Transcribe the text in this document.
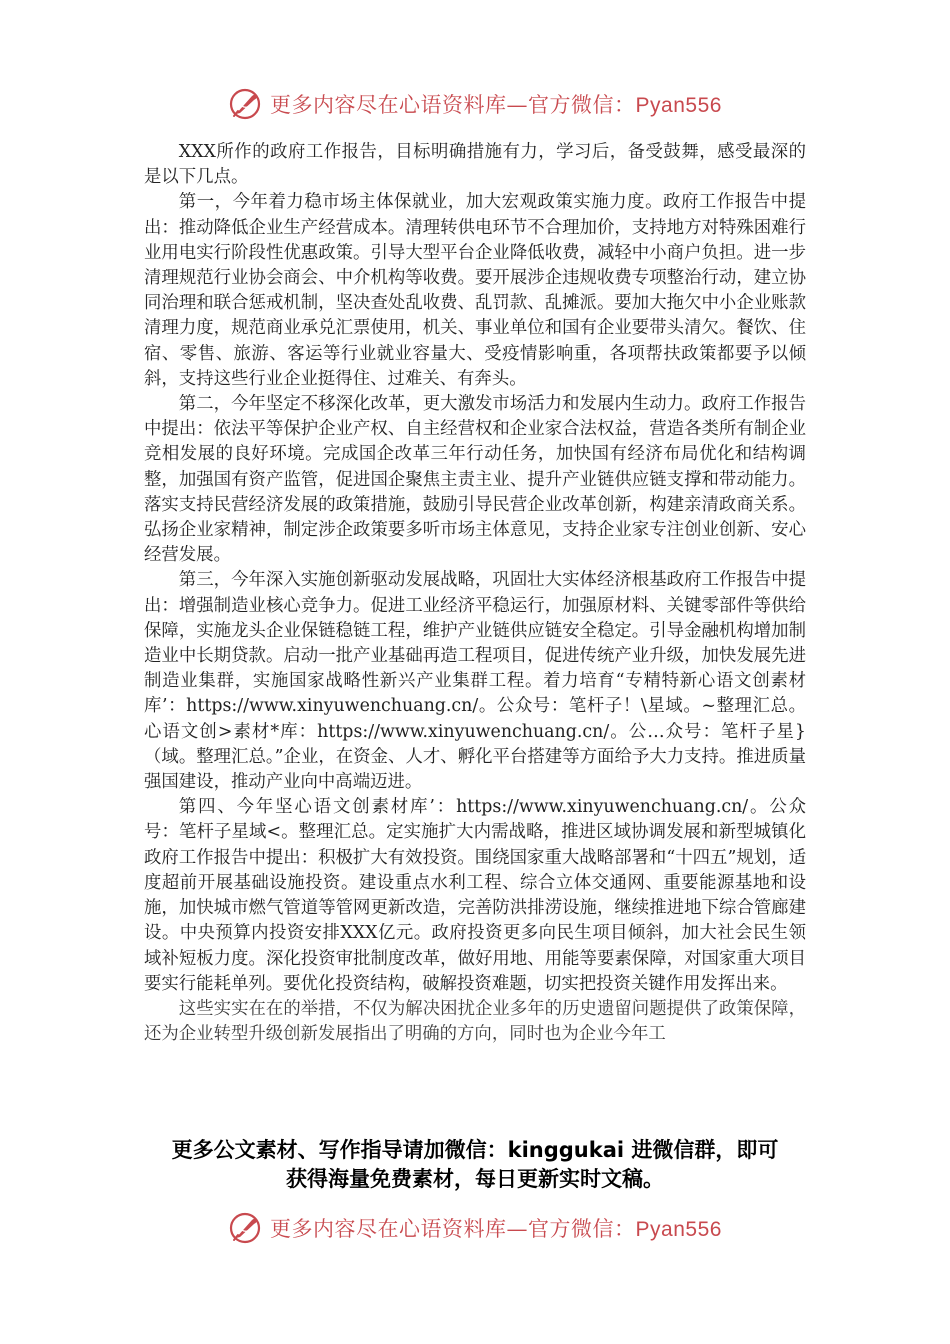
更多内容尽在心语资料库—官方微信：Pyan556

XXX所作的政府工作报告，目标明确措施有力，学习后，备受鼓舞，感受最深的是以下几点。

第一，今年着力稳市场主体保就业，加大宏观政策实施力度。政府工作报告中提出：推动降低企业生产经营成本。清理转供电环节不合理加价，支持地方对特殊困难行业用电实行阶段性优惠政策。引导大型平台企业降低收费，减轻中小商户负担。进一步清理规范行业协会商会、中介机构等收费。要开展涉企违规收费专项整治行动，建立协同治理和联合惩戒机制，坚决查处乱收费、乱罚款、乱摊派。要加大拖欠中小企业账款清理力度，规范商业承兑汇票使用，机关、事业单位和国有企业要带头清欠。餐饮、住宿、零售、旅游、客运等行业就业容量大、受疫情影响重，各项帮扶政策都要予以倾斜，支持这些行业企业挺得住、过难关、有奔头。

第二，今年坚定不移深化改革，更大激发市场活力和发展内生动力。政府工作报告中提出：依法平等保护企业产权、自主经营权和企业家合法权益，营造各类所有制企业竞相发展的良好环境。完成国企改革三年行动任务，加快国有经济布局优化和结构调整，加强国有资产监管，促进国企聚焦主责主业、提升产业链供应链支撑和带动能力。落实支持民营经济发展的政策措施，鼓励引导民营企业改革创新，构建亲清政商关系。弘扬企业家精神，制定涉企政策要多听市场主体意见，支持企业家专注创业创新、安心经营发展。

第三，今年深入实施创新驱动发展战略，巩固壮大实体经济根基政府工作报告中提出：增强制造业核心竞争力。促进工业经济平稳运行，加强原材料、关键零部件等供给保障，实施龙头企业保链稳链工程，维护产业链供应链安全稳定。引导金融机构增加制造业中长期贷款。启动一批产业基础再造工程项目，促进传统产业升级，加快发展先进制造业集群，实施国家战略性新兴产业集群工程。着力培育“专精特新心语文创素材库’：https://www.xinyuwenchuang.cn/。公众号：笔杆子！\星域。~整理汇总。心语文创>素材*库：https://www.xinyuwenchuang.cn/。公…众号：笔杆子星}（域。整理汇总。”企业，在资金、人才、孵化平台搭建等方面给予大力支持。推进质量强国建设，推动产业向中高端迈进。

第四、今年坚心语文创素材库’：https://www.xinyuwenchuang.cn/。公众号：笔杆子星域<。整理汇总。定实施扩大内需战略，推进区域协调发展和新型城镇化政府工作报告中提出：积极扩大有效投资。围绕国家重大战略部署和“十四五”规划，适度超前开展基础设施投资。建设重点水利工程、综合立体交通网、重要能源基地和设施，加快城市燃气管道等管网更新改造，完善防洪排涝设施，继续推进地下综合管廊建设。中央预算内投资安排XXX亿元。政府投资更多向民生项目倾斜，加大社会民生领域补短板力度。深化投资审批制度改革，做好用地、用能等要素保障，对国家重大项目要实行能耗单列。要优化投资结构，破解投资难题，切实把投资关键作用发挥出来。

这些实实在在的举措，不仅为解决困扰企业多年的历史遗留问题提供了政策保障，还为企业转型升级创新发展指出了明确的方向，同时也为企业今年工

更多公文素材、写作指导请加微信：kinggukai 进微信群，即可
获得海量免费素材，每日更新实时文稿。
更多内容尽在心语资料库—官方微信：Pyan556
